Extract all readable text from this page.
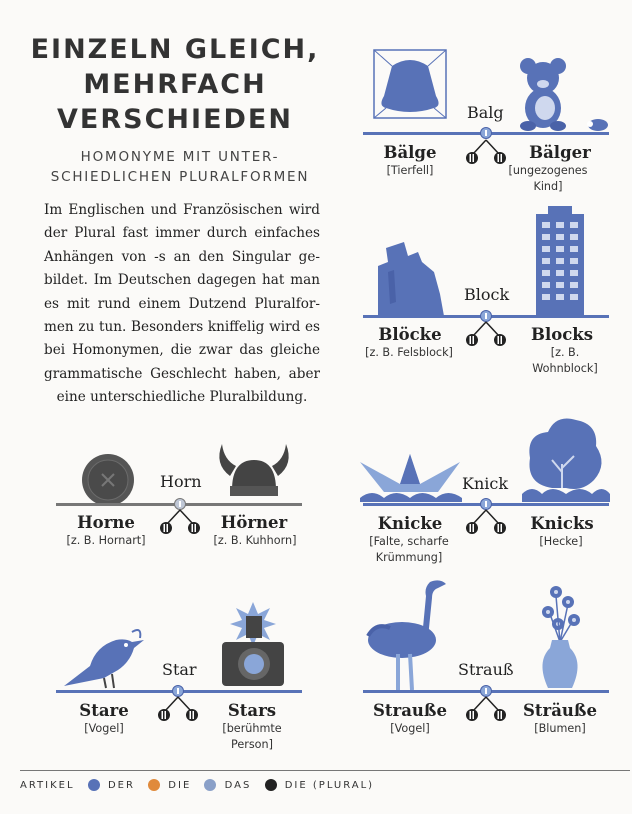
EINZELN GLEICH,
MEHRFACH
VERSCHIEDEN
HOMONYME MIT UNTER-
SCHIEDLICHEN PLURALFORMEN
Im Englischen und Französischen wird der Plural fast immer durch einfaches Anhängen von -s an den Singular gebildet. Im Deutschen dagegen hat man es mit rund einem Dutzend Pluralformen zu tun. Besonders kniffelig wird es bei Homonymen, die zwar das gleiche grammatische Geschlecht haben, aber eine unterschiedliche Pluralbildung.
Balg
Bälge
[Tierfell]
Bälger
[ungezogenes Kind]
Block
Blöcke
[z. B. Felsblock]
Blocks
[z. B. Wohnblock]
Horn
Horne
[z. B. Hornart]
Hörner
[z. B. Kuhhorn]
Knick
Knicke
[Falte, scharfe Krümmung]
Knicks
[Hecke]
Star
Stare
[Vogel]
Stars
[berühmte Person]
Strauß
Strauße
[Vogel]
Sträuße
[Blumen]
ARTIKEL	DER	DIE	DAS	DIE (PLURAL)
